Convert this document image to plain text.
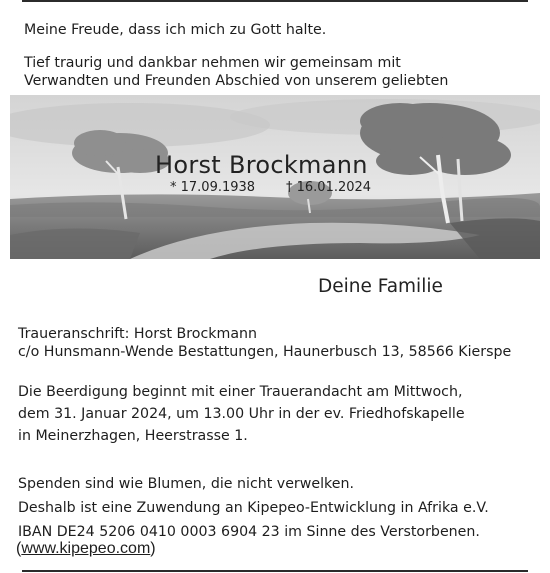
Meine Freude, dass ich mich zu Gott halte.
Tief traurig und dankbar nehmen wir gemeinsam mit
Verwandten und Freunden Abschied von unserem geliebten
Horst Brockmann
* 17.09.1938 † 16.01.2024
Deine Familie
Traueranschrift: Horst Brockmann
c/o Hunsmann-Wende Bestattungen, Haunerbusch 13, 58566 Kierspe
Die Beerdigung beginnt mit einer Trauerandacht am Mittwoch,
dem 31. Januar 2024, um 13.00 Uhr in der ev. Friedhofskapelle
in Meinerzhagen, Heerstrasse 1.
Spenden sind wie Blumen, die nicht verwelken.
Deshalb ist eine Zuwendung an Kipepeo-Entwicklung in Afrika e.V.
IBAN DE24 5206 0410 0003 6904 23 im Sinne des Verstorbenen.
(www.kipepeo.com)
